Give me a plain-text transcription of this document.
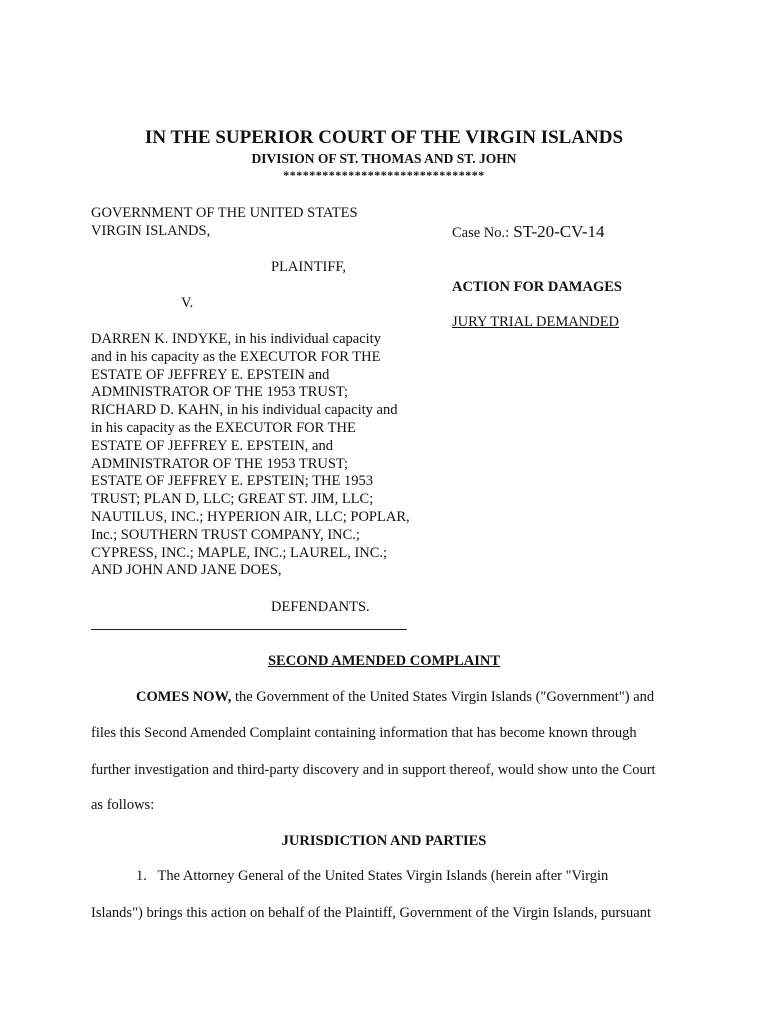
IN THE SUPERIOR COURT OF THE VIRGIN ISLANDS
DIVISION OF ST. THOMAS AND ST. JOHN
*******************************
GOVERNMENT OF THE UNITED STATES
VIRGIN ISLANDS,
PLAINTIFF,
V.
DARREN K. INDYKE, in his individual capacity
and in his capacity as the EXECUTOR FOR THE
ESTATE OF JEFFREY E. EPSTEIN and
ADMINISTRATOR OF THE 1953 TRUST;
RICHARD D. KAHN, in his individual capacity and
in his capacity as the EXECUTOR FOR THE
ESTATE OF JEFFREY E. EPSTEIN, and
ADMINISTRATOR OF THE 1953 TRUST;
ESTATE OF JEFFREY E. EPSTEIN; THE 1953
TRUST; PLAN D, LLC; GREAT ST. JIM, LLC;
NAUTILUS, INC.; HYPERION AIR, LLC; POPLAR,
Inc.; SOUTHERN TRUST COMPANY, INC.;
CYPRESS, INC.; MAPLE, INC.; LAUREL, INC.;
AND JOHN AND JANE DOES,
DEFENDANTS.
Case No.: ST-20-CV-14
ACTION FOR DAMAGES
JURY TRIAL DEMANDED
SECOND AMENDED COMPLAINT
COMES NOW, the Government of the United States Virgin Islands ("Government") and
files this Second Amended Complaint containing information that has become known through
further investigation and third-party discovery and in support thereof, would show unto the Court
as follows:
JURISDICTION AND PARTIES
1.   The Attorney General of the United States Virgin Islands (herein after "Virgin
Islands") brings this action on behalf of the Plaintiff, Government of the Virgin Islands, pursuant
